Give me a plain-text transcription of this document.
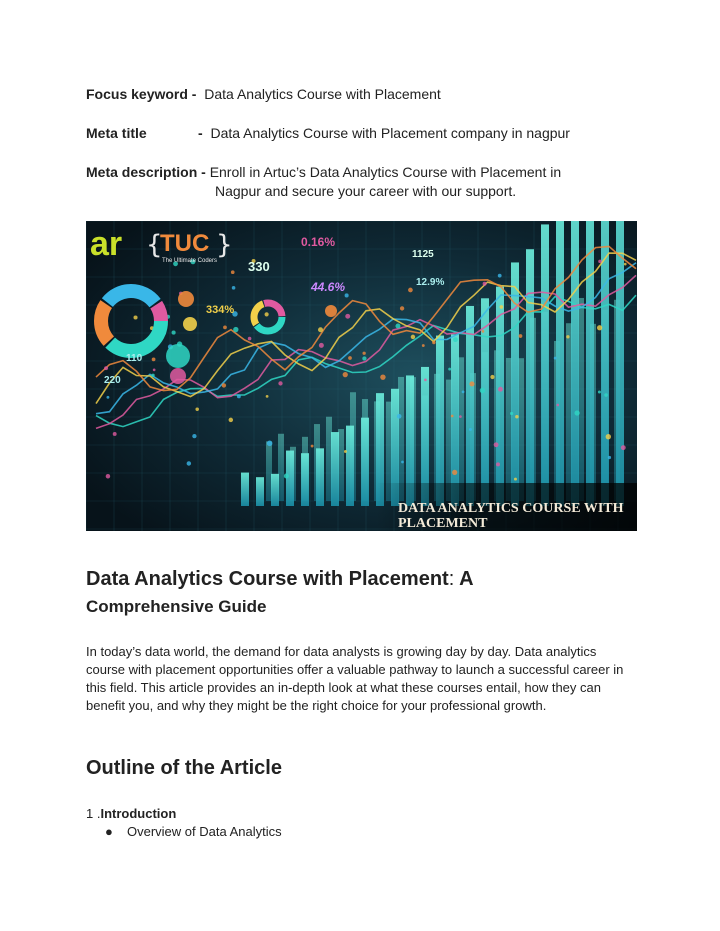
Focus keyword - Data Analytics Course with Placement
Meta title	- Data Analytics Course with Placement company in nagpur
Meta description - Enroll in Artuc’s Data Analytics Course with Placement in
Nagpur and secure your career with our support.
0.16%
330
334%
110
220
44.6%
1125
12.9%
ar {
TUC }
The Ultimate Coders
DATA ANALYTICS COURSE WITH
PLACEMENT
Data Analytics Course with Placement: A
Comprehensive Guide
In today’s data world, the demand for data analysts is growing day by day. Data analytics course with placement opportunities offer a valuable pathway to launch a successful career in this field. This article provides an in-depth look at what these courses entail, how they can benefit you, and why they might be the right choice for your professional growth.
Outline of the Article
1 .Introduction
● Overview of Data Analytics
